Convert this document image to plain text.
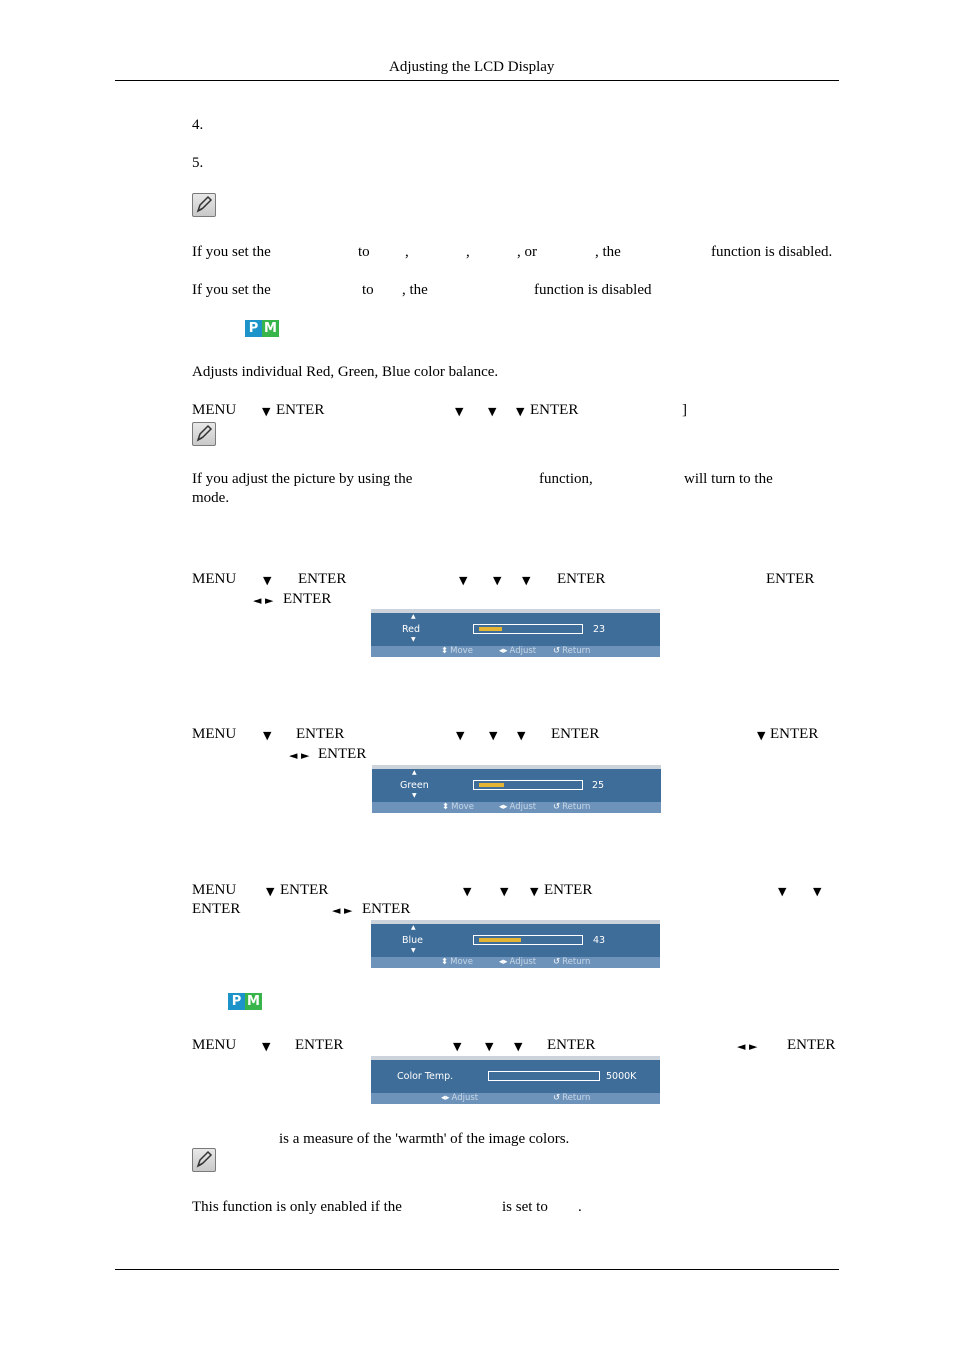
Adjusting the LCD Display
4.
5.
If you set the	to ,	,	, or	, the	function is disabled.
If you set the	to , the	function is disabled
P M
Adjusts individual Red, Green, Blue color balance.
MENU ▼ ENTER	▼ ▼ ▼ ENTER	]
If you adjust the picture by using the	function,	will turn to the
mode.
MENU ▼ ENTER	▼ ▼ ▼ ENTER	ENTER
◄ ► ENTER
▲
Red
▼
23
⬍ Move	◂▸ Adjust ↺ Return
MENU ▼ ENTER	▼ ▼ ▼ ENTER	▼ ENTER
◄ ► ENTER
▲
Green
▼
25
⬍ Move	◂▸ Adjust ↺ Return
MENU	▼ ENTER	▼	▼ ▼ ENTER	▼ ▼
ENTER	◄ ► ENTER
▲
Blue
▼
43
⬍ Move	◂▸ Adjust ↺ Return
P M
MENU ▼ ENTER	▼ ▼ ▼ ENTER	◄ ► ENTER
Color Temp.	5000K
◂▸ Adjust	↺ Return
is a measure of the 'warmth' of the image colors.
This function is only enabled if the	is set to .
